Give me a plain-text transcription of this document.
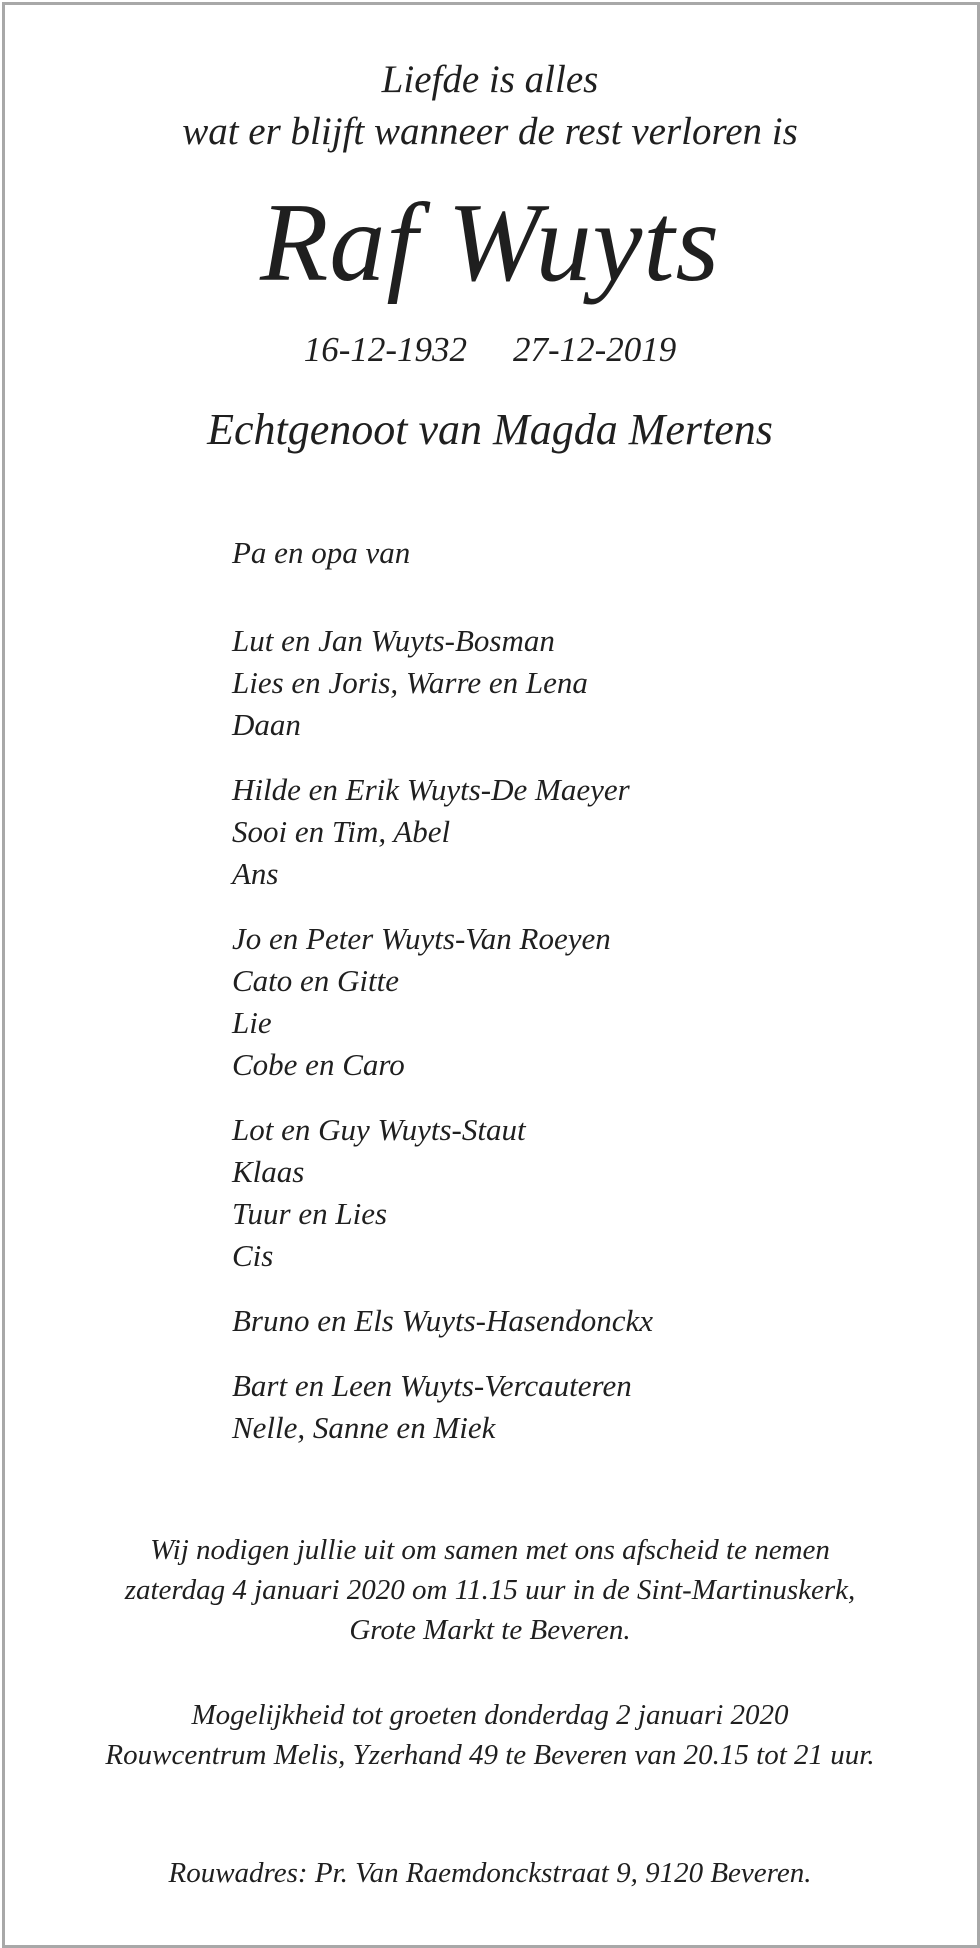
Liefde is alles
wat er blijft wanneer de rest verloren is
Raf Wuyts
16-12-1932 27-12-2019
Echtgenoot van Magda Mertens
Pa en opa van
Lut en Jan Wuyts-Bosman
Lies en Joris, Warre en Lena
Daan
Hilde en Erik Wuyts-De Maeyer
Sooi en Tim, Abel
Ans
Jo en Peter Wuyts-Van Roeyen
Cato en Gitte
Lie
Cobe en Caro
Lot en Guy Wuyts-Staut
Klaas
Tuur en Lies
Cis
Bruno en Els Wuyts-Hasendonckx
Bart en Leen Wuyts-Vercauteren
Nelle, Sanne en Miek
Wij nodigen jullie uit om samen met ons afscheid te nemen
zaterdag 4 januari 2020 om 11.15 uur in de Sint-Martinuskerk,
Grote Markt te Beveren.
Mogelijkheid tot groeten donderdag 2 januari 2020
Rouwcentrum Melis, Yzerhand 49 te Beveren van 20.15 tot 21 uur.
Rouwadres: Pr. Van Raemdonckstraat 9, 9120 Beveren.
